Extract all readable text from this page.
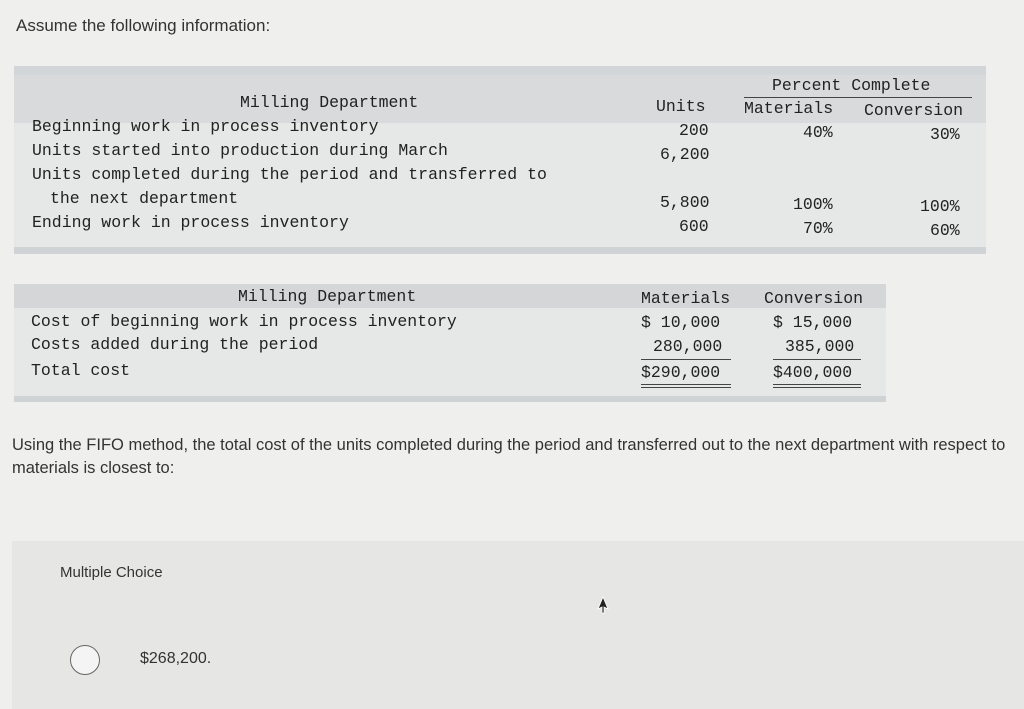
Assume the following information:
Percent Complete
Milling Department	Units Materials Conversion
Beginning work in process inventory	200	40%	30%
Units started into production during March	6,200
Units completed during the period and transferred to
the next department	5,800	100%	100%
Ending work in process inventory	600	70%	60%
Milling Department	Materials Conversion
Cost of beginning work in process inventory	$ 10,000	$ 15,000
Costs added during the period	280,000	385,000
Total cost	$290,000	$400,000
Using the FIFO method, the total cost of the units completed during the period and transferred out to the next department with respect to materials is closest to:
Multiple Choice
$268,200.
